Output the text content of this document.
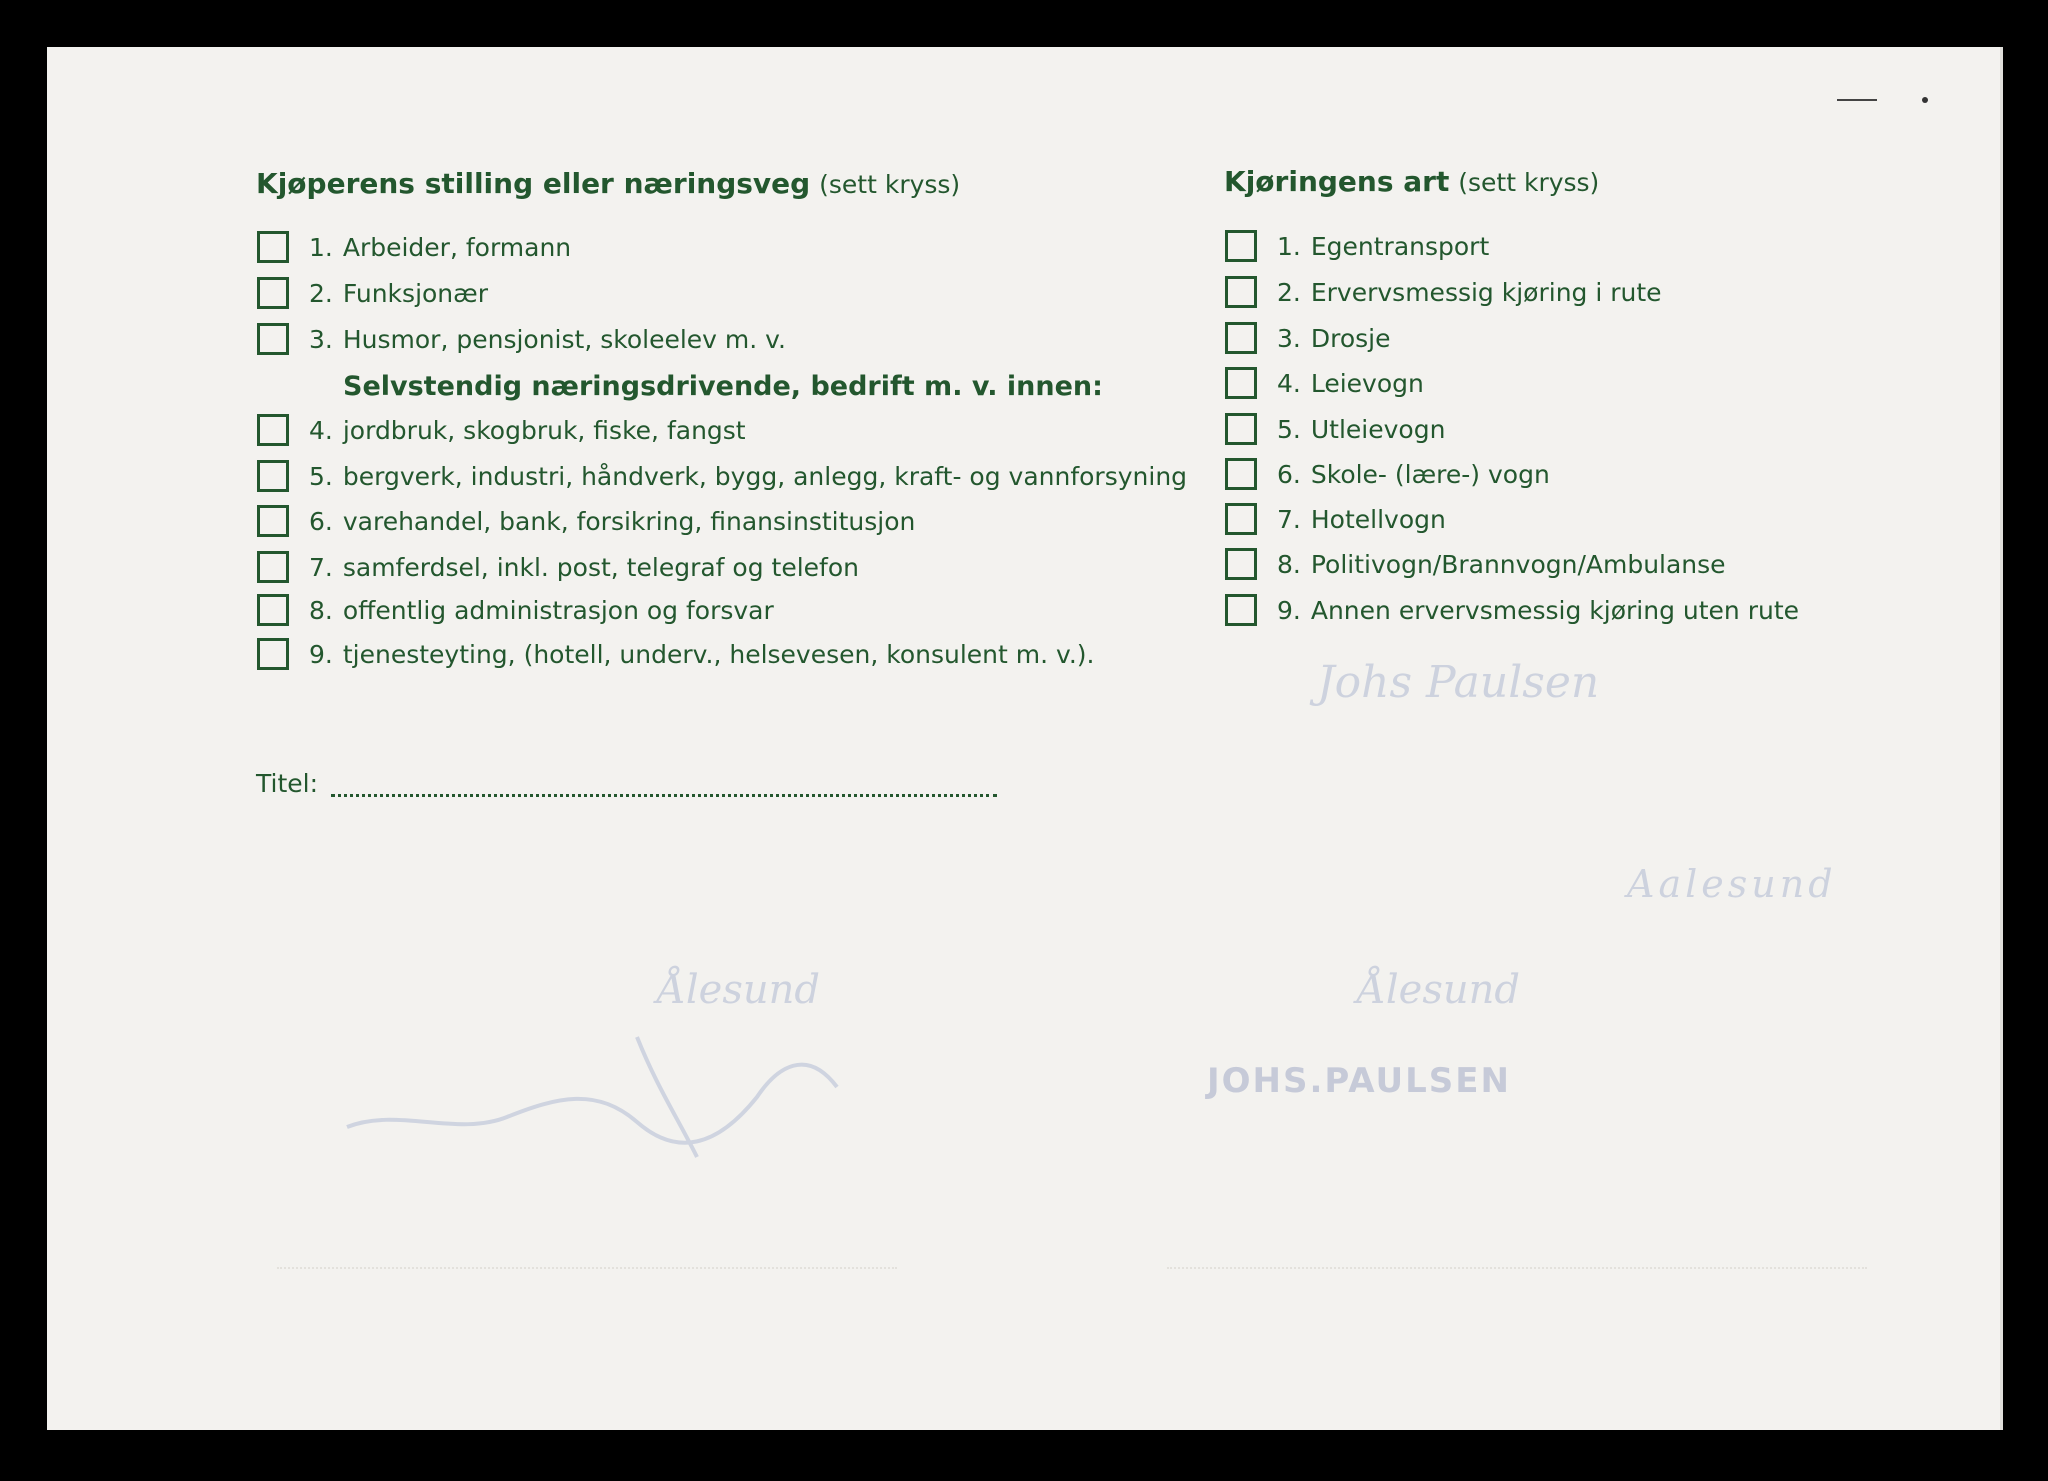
Johs Paulsen
Aalesund
Ålesund	Ålesund
JOHS.PAULSEN
Kjøperens stilling eller næringsveg (sett kryss)
1. Arbeider, formann
2. Funksjonær
3. Husmor, pensjonist, skoleelev m. v.
Selvstendig næringsdrivende, bedrift m. v. innen:
4. jordbruk, skogbruk, fiske, fangst
5. bergverk, industri, håndverk, bygg, anlegg, kraft- og vannforsyning
6. varehandel, bank, forsikring, finansinstitusjon
7. samferdsel, inkl. post, telegraf og telefon
8. offentlig administrasjon og forsvar
9. tjenesteyting, (hotell, underv., helsevesen, konsulent m. v.).
Titel:
Kjøringens art (sett kryss)
1. Egentransport
2. Ervervsmessig kjøring i rute
3. Drosje
4. Leievogn
5. Utleievogn
6. Skole- (lære-) vogn
7. Hotellvogn
8. Politivogn/Brannvogn/Ambulanse
9. Annen ervervsmessig kjøring uten rute
